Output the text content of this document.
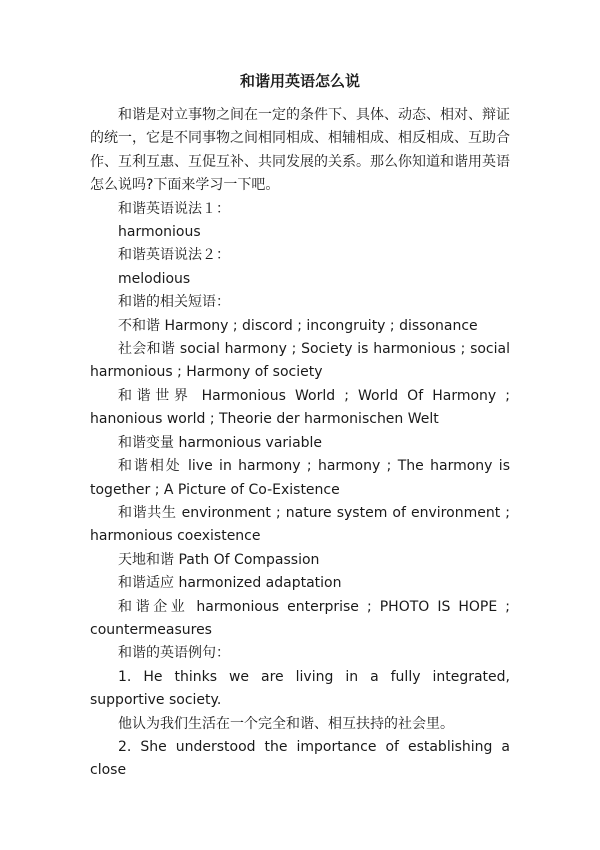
和谐用英语怎么说

和谐是对立事物之间在一定的条件下、具体、动态、相对、辩证的统一，它是不同事物之间相同相成、相辅相成、相反相成、互助合作、互利互惠、互促互补、共同发展的关系。那么你知道和谐用英语怎么说吗?下面来学习一下吧。

和谐英语说法１：

harmonious

和谐英语说法２：

melodious

和谐的相关短语：

不和谐 Harmony ; discord ; incongruity ; dissonance

社会和谐 social harmony ; Society is harmonious ; social harmonious ; Harmony of society

和谐世界 Harmonious World ; World Of Harmony ; hanonious world ; Theorie der harmonischen Welt

和谐变量 harmonious variable

和谐相处 live in harmony ; harmony ; The harmony is together ; A Picture of Co-Existence

和谐共生 environment ; nature system of environment ; harmonious coexistence

天地和谐 Path Of Compassion

和谐适应 harmonized adaptation

和谐企业 harmonious enterprise ; PHOTO IS HOPE ; countermeasures

和谐的英语例句：

1. He thinks we are living in a fully integrated, supportive society.

他认为我们生活在一个完全和谐、相互扶持的社会里。

2. She understood the importance of establishing a close
